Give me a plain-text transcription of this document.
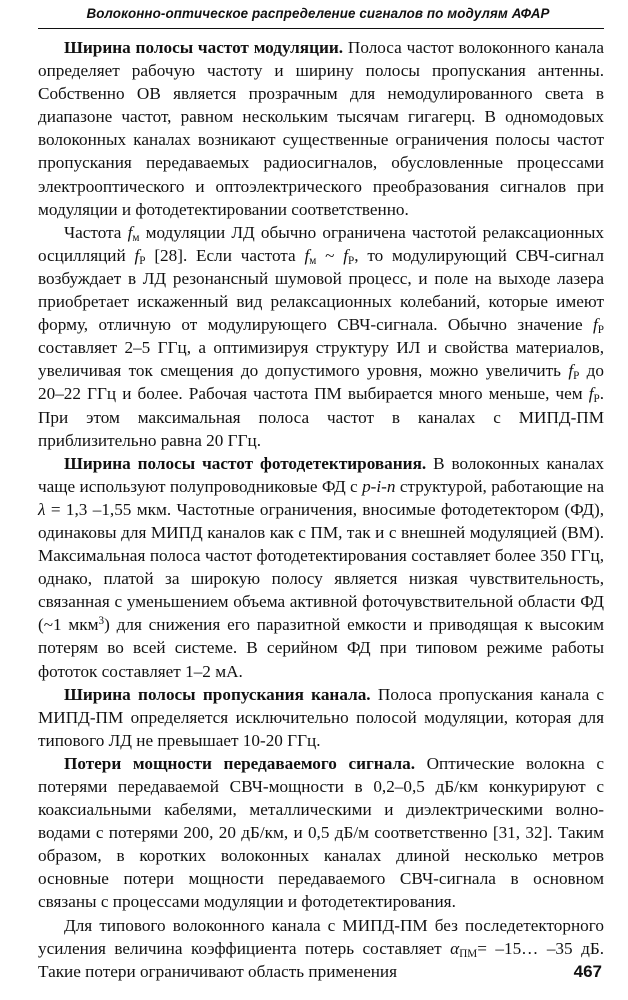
Волоконно-оптическое распределение сигналов по модулям АФАР

Ширина полосы частот модуляции. Полоса частот волоконного канала определяет рабочую частоту и ширину полосы пропускания антенны. Собственно ОВ является прозрачным для немодулированного света в диапазоне частот, равном нескольким тысячам гигагерц. В одномодовых волоконных каналах возникают существенные ограничения полосы частот пропускания передаваемых радиосигналов, обусловленные процессами электрооптического и оптоэлектрического преобразования сигналов при модуляции и фотодетектировании соответственно.

Частота $f_м$ модуляции ЛД обычно ограничена частотой релаксационных осцилляций $f_Р$ [28]. Если частота $f_м$ ~ $f_Р$, то модулирующий СВЧ-сигнал возбуждает в ЛД резонансный шумовой процесс, и поле на выходе лазера приобретает искаженный вид релаксационных колебаний, которые имеют форму, отличную от модулирующего СВЧ-сигнала. Обычно значение $f_Р$ составляет 2–5 ГГц, а оптимизируя структуру ИЛ и свойства материалов, увеличивая ток смещения до допустимого уровня, можно увеличить $f_Р$ до 20–22 ГГц и более. Рабочая частота ПМ выбирается много меньше, чем $f_Р$. При этом максимальная полоса частот в каналах с МИПД-ПМ приблизительно равна 20 ГГц.

Ширина полосы частот фотодетектирования. В волоконных каналах чаще используют полупроводниковые ФД с p-i-n структурой, работающие на λ = 1,3 –1,55 мкм. Частотные ограничения, вносимые фотодетектором (ФД), одинаковы для МИПД каналов как с ПМ, так и с внешней модуляцией (ВМ). Максимальная полоса частот фотодетектирования составляет более 350 ГГц, однако, платой за широкую полосу является низкая чувствительность, связанная с уменьшением объема активной фоточувствительной области ФД (~1 мкм$^3$) для снижения его паразитной емкости и приводящая к высоким потерям во всей системе. В серийном ФД при типовом режиме работы фототок составляет 1–2 мА.

Ширина полосы пропускания канала. Полоса пропускания канала с МИПД-ПМ определяется исключительно полосой модуляции, которая для типового ЛД не превышает 10-20 ГГц.

Потери мощности передаваемого сигнала. Оптические волокна с потерями передаваемой СВЧ-мощности в 0,2–0,5 дБ/км конкурируют с коаксиальными кабелями, металлическими и диэлектрическими волноводами с потерями 200, 20 дБ/км, и 0,5 дБ/м соответственно [31, 32]. Таким образом, в коротких волоконных каналах длиной несколько метров основные потери мощности передаваемого СВЧ-сигнала в основном связаны с процессами модуляции и фотодетектирования.

Для типового волоконного канала с МИПД-ПМ без последетекторного усиления величина коэффициента потерь составляет $\alpha_{ПМ}=$ –15… –35 дБ. Такие потери ограничивают область применения	467
